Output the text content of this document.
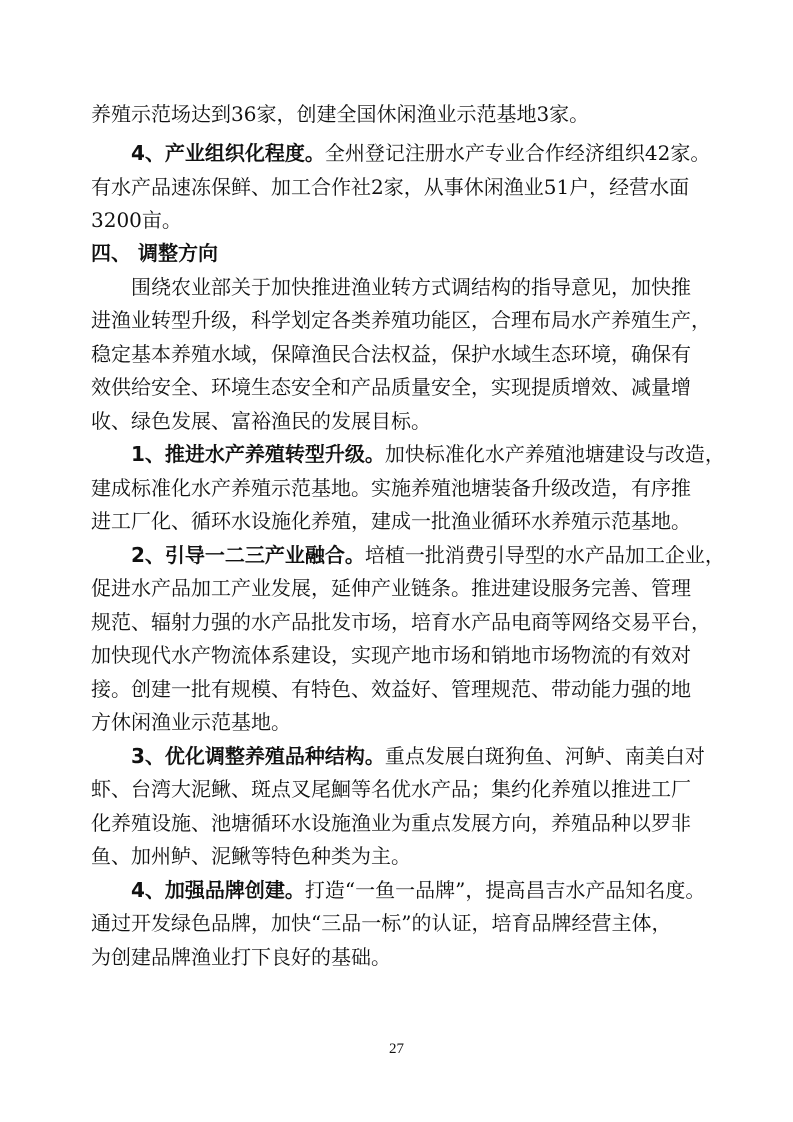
养殖示范场达到36家，创建全国休闲渔业示范基地3家。
4、产业组织化程度。全州登记注册水产专业合作经济组织42家。
有水产品速冻保鲜、加工合作社2家，从事休闲渔业51户，经营水面
3200亩。
四、 调整方向
围绕农业部关于加快推进渔业转方式调结构的指导意见，加快推
进渔业转型升级，科学划定各类养殖功能区，合理布局水产养殖生产，
稳定基本养殖水域，保障渔民合法权益，保护水域生态环境，确保有
效供给安全、环境生态安全和产品质量安全，实现提质增效、减量增
收、绿色发展、富裕渔民的发展目标。
1、推进水产养殖转型升级。加快标准化水产养殖池塘建设与改造，
建成标准化水产养殖示范基地。实施养殖池塘装备升级改造，有序推
进工厂化、循环水设施化养殖，建成一批渔业循环水养殖示范基地。
2、引导一二三产业融合。培植一批消费引导型的水产品加工企业，
促进水产品加工产业发展，延伸产业链条。推进建设服务完善、管理
规范、辐射力强的水产品批发市场，培育水产品电商等网络交易平台，
加快现代水产物流体系建设，实现产地市场和销地市场物流的有效对
接。创建一批有规模、有特色、效益好、管理规范、带动能力强的地
方休闲渔业示范基地。
3、优化调整养殖品种结构。重点发展白斑狗鱼、河鲈、南美白对
虾、台湾大泥鳅、斑点叉尾鮰等名优水产品；集约化养殖以推进工厂
化养殖设施、池塘循环水设施渔业为重点发展方向，养殖品种以罗非
鱼、加州鲈、泥鳅等特色种类为主。
4、加强品牌创建。打造“一鱼一品牌”，提高昌吉水产品知名度。
通过开发绿色品牌，加快“三品一标”的认证，培育品牌经营主体，
为创建品牌渔业打下良好的基础。
27
